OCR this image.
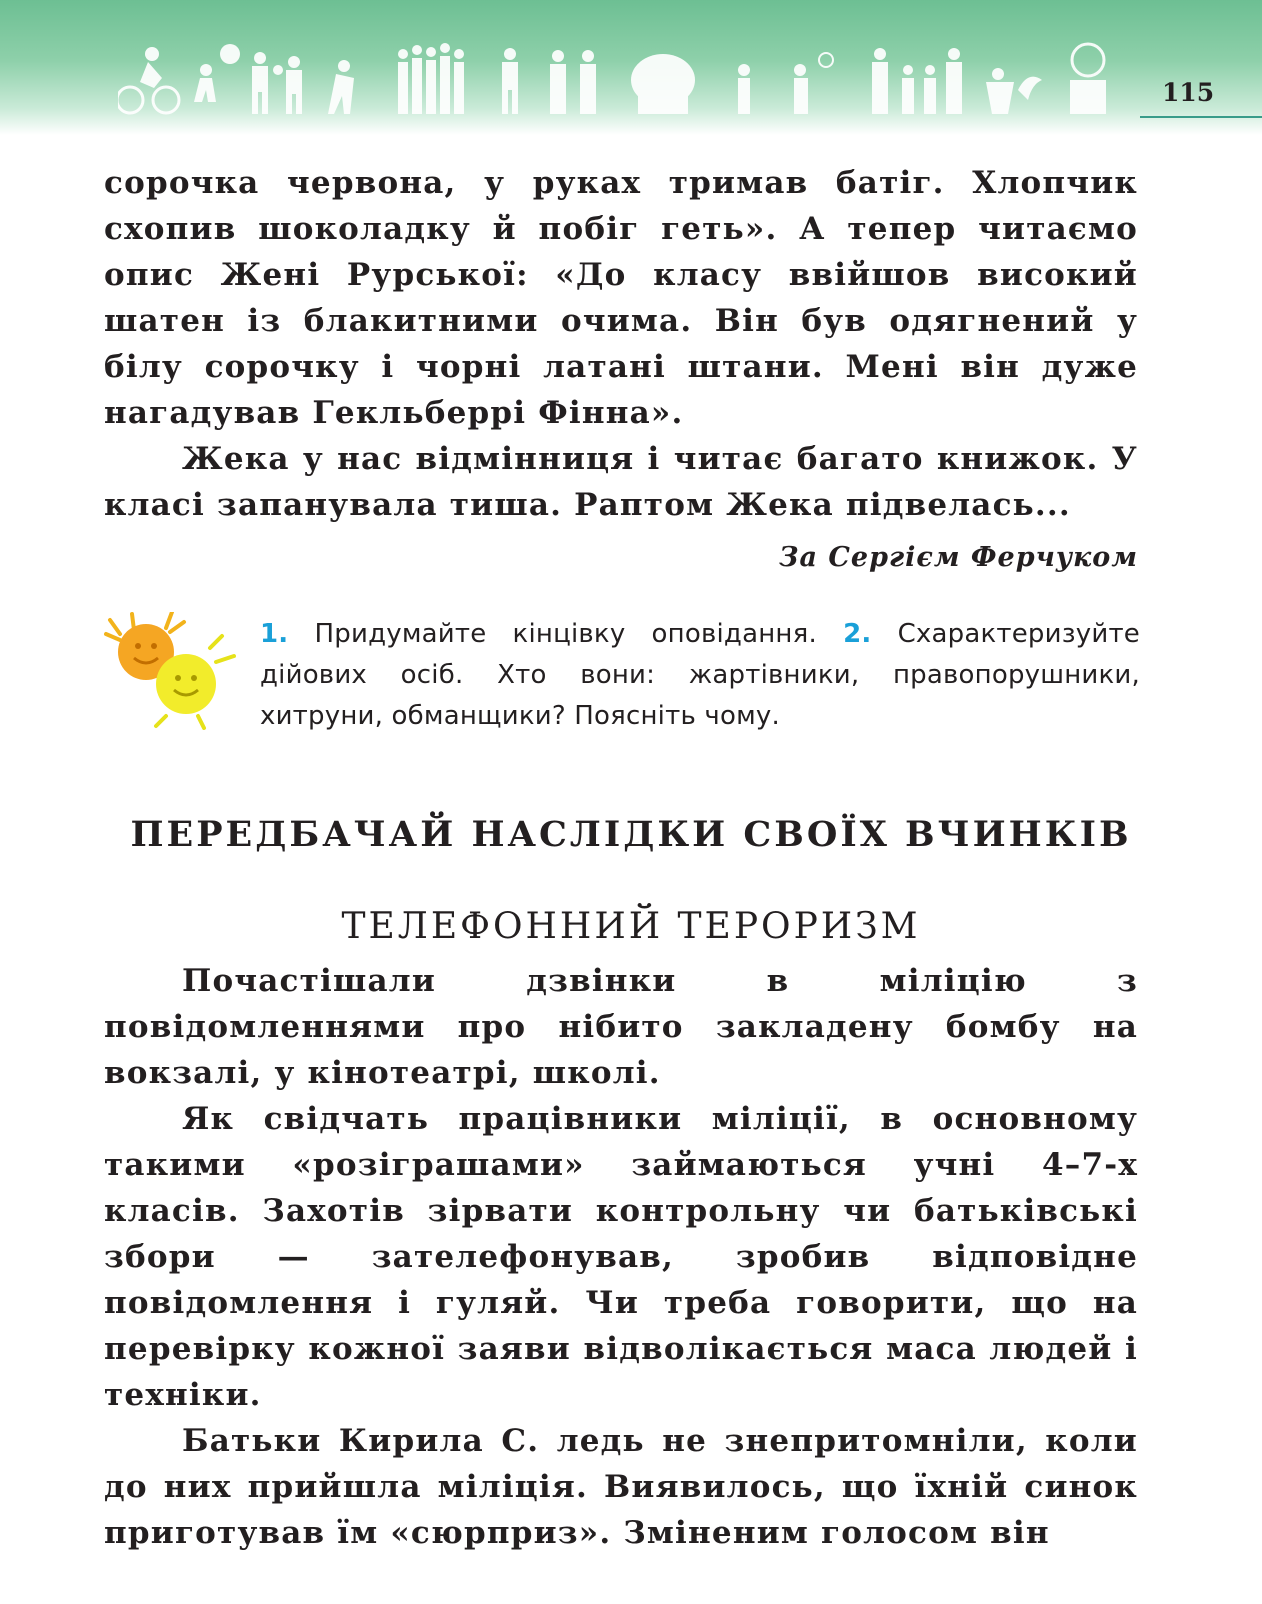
115

сорочка червона, у руках тримав батіг. Хлопчик схопив шоколадку й побіг геть». А тепер читаємо опис Жені Рурської: «До класу ввійшов високий шатен із блакитними очима. Він був одягнений у білу сорочку і чорні латані штани. Мені він дуже нагадував Гекльберрі Фінна».

Жека у нас відмінниця і читає багато книжок. У класі запанувала тиша. Раптом Жека підвелась...

За Сергієм Ферчуком
1. Придумайте кінцівку оповідання. 2. Схарактеризуйте дійових осіб. Хто вони: жартівники, правопорушники, хитруни, обманщики? Поясніть чому.
ПЕРЕДБАЧАЙ НАСЛІДКИ СВОЇХ ВЧИНКІВ
ТЕЛЕФОННИЙ ТЕРОРИЗМ

Почастішали дзвінки в міліцію з повідомленнями про нібито закладену бомбу на вокзалі, у кінотеатрі, школі.

Як свідчать працівники міліції, в основному такими «розіграшами» займаються учні 4–7-х класів. Захотів зірвати контрольну чи батьківські збори — зателефонував, зробив відповідне повідомлення і гуляй. Чи треба говорити, що на перевірку кожної заяви відволікається маса людей і техніки.

Батьки Кирила С. ледь не знепритомніли, коли до них прийшла міліція. Виявилось, що їхній синок приготував їм «сюрприз». Зміненим голосом він
